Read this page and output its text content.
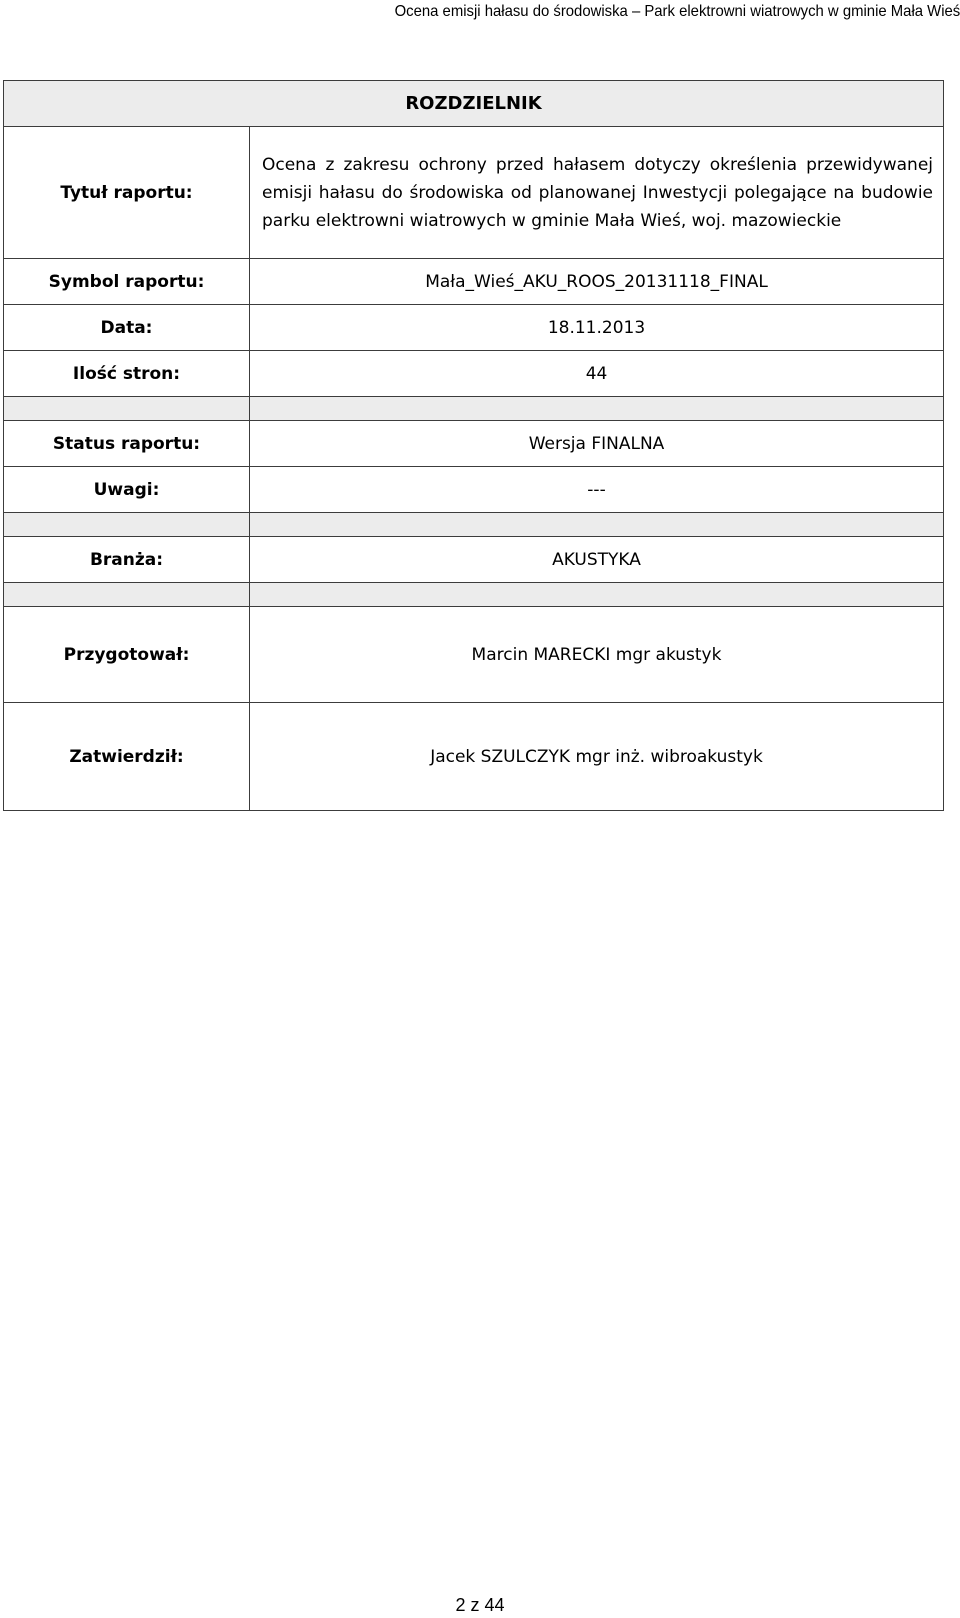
Ocena emisji hałasu do środowiska – Park elektrowni wiatrowych w gminie Mała Wieś
ROZDZIELNIK	
Tytuł raportu:	Ocena z zakresu ochrony przed hałasem dotyczy określenia przewidywanej emisji hałasu do środowiska od planowanej Inwestycji polegające na budowie parku elektrowni wiatrowych w gminie Mała Wieś, woj. mazowieckie
Symbol raportu:	Mała_Wieś_AKU_ROOS_20131118_FINAL
Data:	18.11.2013
Ilość stron:	44

Status raportu:	Wersja FINALNA
Uwagi:	---

Branża:	AKUSTYKA

Przygotował:	Marcin MARECKI mgr akustyk
Zatwierdził:	Jacek SZULCZYK mgr inż. wibroakustyk
2 z 44
